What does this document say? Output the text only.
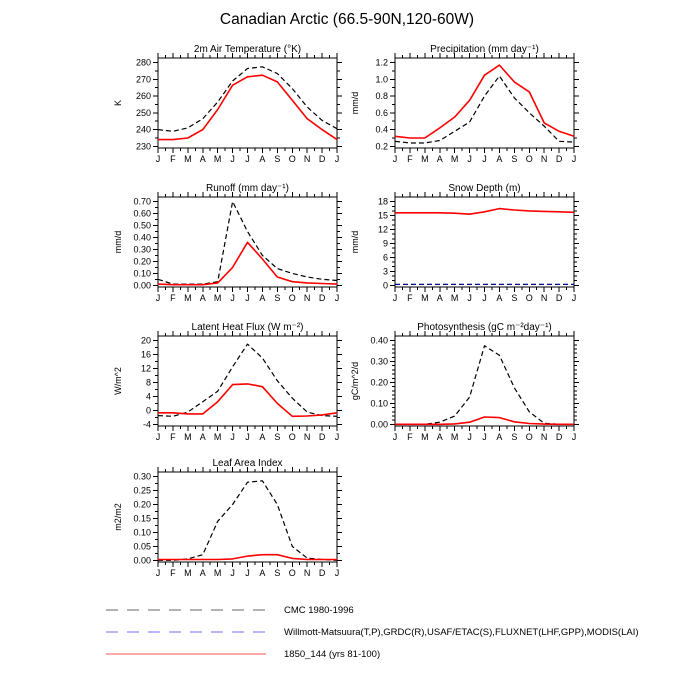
Canadian Arctic (66.5-90N,120-60W)
J F M A M J J A S O N D J
230
240
250
260
270
280
2m Air Temperature (°K)
K
J F M A M J J A S O N D J
0.2
0.4
0.6
0.8
1.0
1.2
Precipitation (mm day⁻¹)
mm/d
J F M A M J J A S O N D J
0.00
0.10
0.20
0.30
0.40
0.50
0.60
0.70
Runoff (mm day⁻¹)
mm/d
J F M A M J J A S O N D J
0
3
6
9
12
15
18
Snow Depth (m)
mm/d
J F M A M J J A S O N D J
-4
0
4
8
12
16
20
Latent Heat Flux (W m⁻²)
W/m^2
J F M A M J J A S O N D J
0.00
0.10
0.20
0.30
0.40
Photosynthesis (gC m⁻²day⁻¹)
gC/m^2/d
J F M A M J J A S O N D J
0.00
0.05
0.10
0.15
0.20
0.25
0.30
Leaf Area Index
m2/m2
CMC 1980-1996
Willmott-Matsuura(T,P),GRDC(R),USAF/ETAC(S),FLUXNET(LHF,GPP),MODIS(LAI)
1850_144 (yrs 81-100)
